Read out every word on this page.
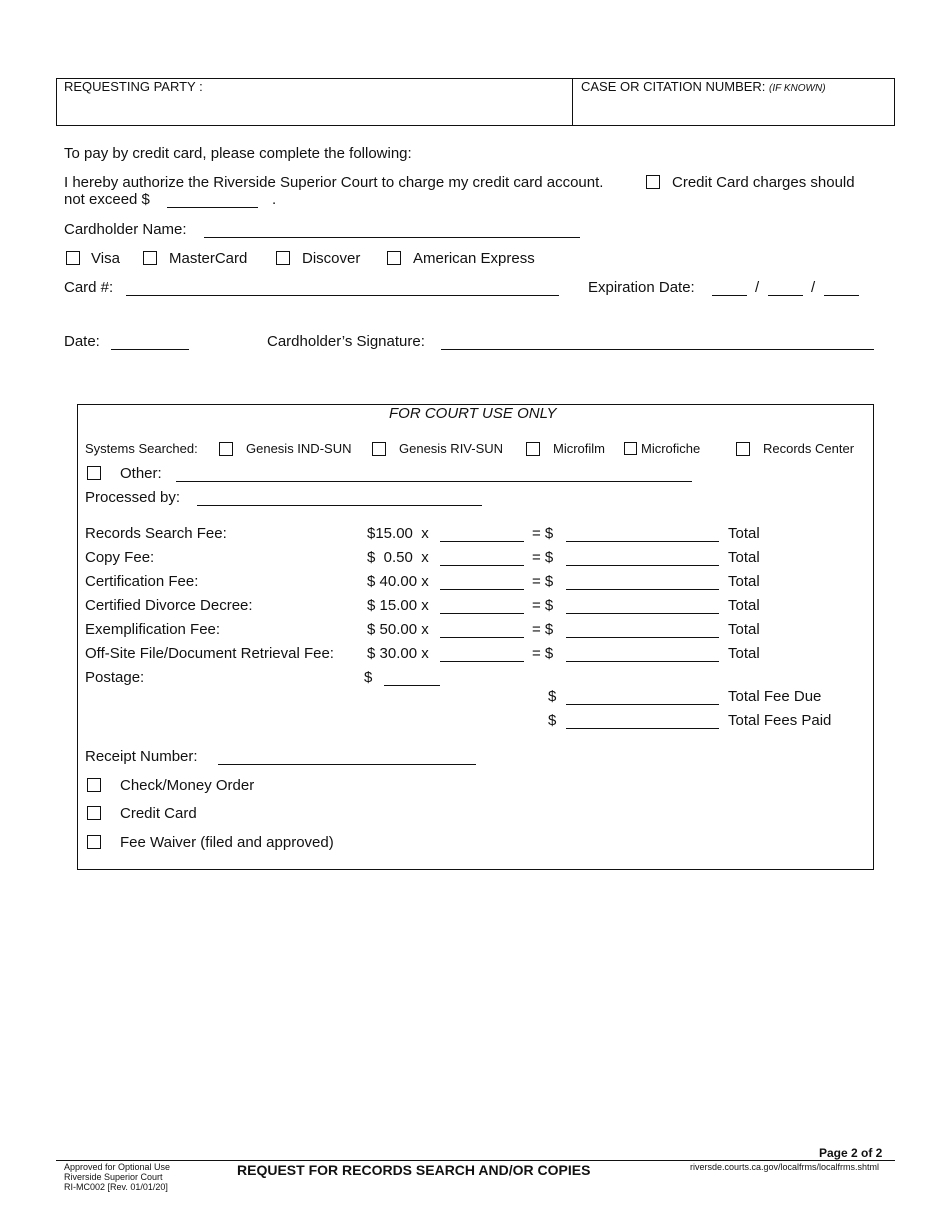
REQUESTING PARTY :	CASE OR CITATION NUMBER: (IF KNOWN)
To pay by credit card, please complete the following:
I hereby authorize the Riverside Superior Court to charge my credit card account.	Credit Card charges should
not exceed $	.
Cardholder Name:
Visa	MasterCard	Discover	American Express
Card #:	Expiration Date:	/	/
Date:	Cardholder’s Signature:
FOR COURT USE ONLY
Systems Searched:	Genesis IND-SUN	Genesis RIV-SUN	Microfilm	Microfiche	Records Center
Other:
Processed by:
Records Search Fee:	$15.00  x	= $	Total
Copy Fee:	$  0.50  x	= $	Total
Certification Fee:	$ 40.00 x	= $	Total
Certified Divorce Decree:	$ 15.00 x	= $	Total
Exemplification Fee:	$ 50.00 x	= $	Total
Off-Site File/Document Retrieval Fee: $ 30.00 x	= $	Total
Postage:	$
$	Total Fee Due
$	Total Fees Paid
Receipt Number:
Check/Money Order
Credit Card
Fee Waiver (filed and approved)
Page 2 of 2
Approved for Optional Use
Riverside Superior Court
RI-MC002 [Rev. 01/01/20]
REQUEST FOR RECORDS SEARCH AND/OR COPIES	riversde.courts.ca.gov/localfrms/localfrms.shtml
